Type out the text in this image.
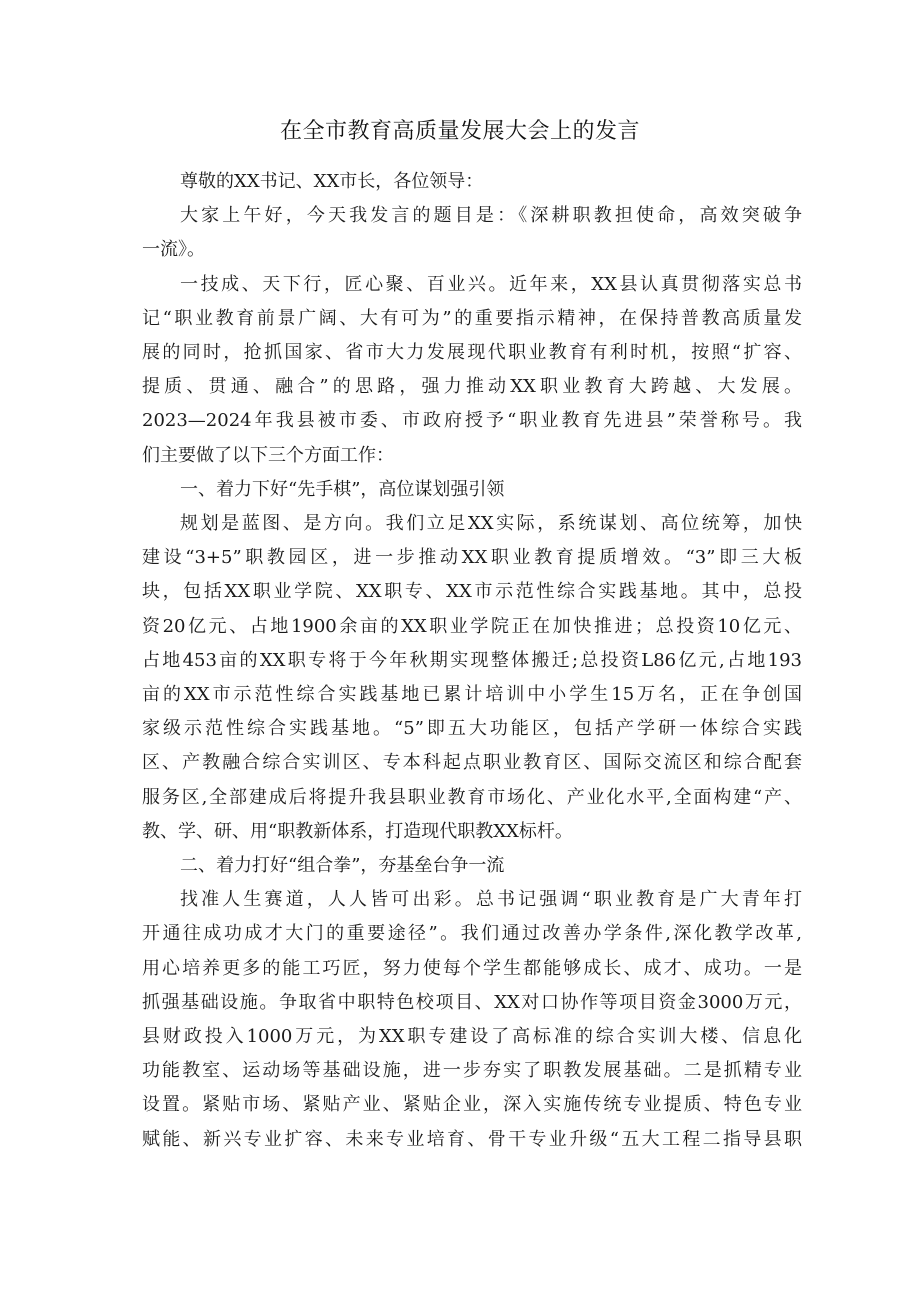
在全市教育高质量发展大会上的发言
尊敬的XX书记、XX市长，各位领导：
大家上午好，今天我发言的题目是：《深耕职教担使命，高效突破争
一流》。
一技成、天下行，匠心聚、百业兴。近年来，XX县认真贯彻落实总书
记“职业教育前景广阔、大有可为”的重要指示精神，在保持普教高质量发
展的同时，抢抓国家、省市大力发展现代职业教育有利时机，按照“扩容、
提质、贯通、融合”的思路，强力推动XX职业教育大跨越、大发展。
2023—2024年我县被市委、市政府授予“职业教育先进县”荣誉称号。我
们主要做了以下三个方面工作：
一、着力下好“先手棋”，高位谋划强引领
规划是蓝图、是方向。我们立足XX实际，系统谋划、高位统筹，加快
建设“3+5”职教园区，进一步推动XX职业教育提质增效。“3”即三大板
块，包括XX职业学院、XX职专、XX市示范性综合实践基地。其中，总投
资20亿元、占地1900余亩的XX职业学院正在加快推进；总投资10亿元、
占地453亩的XX职专将于今年秋期实现整体搬迁;总投资L86亿元,占地193
亩的XX市示范性综合实践基地已累计培训中小学生15万名，正在争创国
家级示范性综合实践基地。“5”即五大功能区，包括产学研一体综合实践
区、产教融合综合实训区、专本科起点职业教育区、国际交流区和综合配套
服务区,全部建成后将提升我县职业教育市场化、产业化水平,全面构建“产、
教、学、研、用“职教新体系，打造现代职教XX标杆。
二、着力打好“组合拳”，夯基垒台争一流
找准人生赛道，人人皆可出彩。总书记强调“职业教育是广大青年打
开通往成功成才大门的重要途径”。我们通过改善办学条件,深化教学改革,
用心培养更多的能工巧匠，努力使每个学生都能够成长、成才、成功。一是
抓强基础设施。争取省中职特色校项目、XX对口协作等项目资金3000万元，
县财政投入1000万元，为XX职专建设了高标准的综合实训大楼、信息化
功能教室、运动场等基础设施，进一步夯实了职教发展基础。二是抓精专业
设置。紧贴市场、紧贴产业、紧贴企业，深入实施传统专业提质、特色专业
赋能、新兴专业扩容、未来专业培育、骨干专业升级“五大工程二指导县职
